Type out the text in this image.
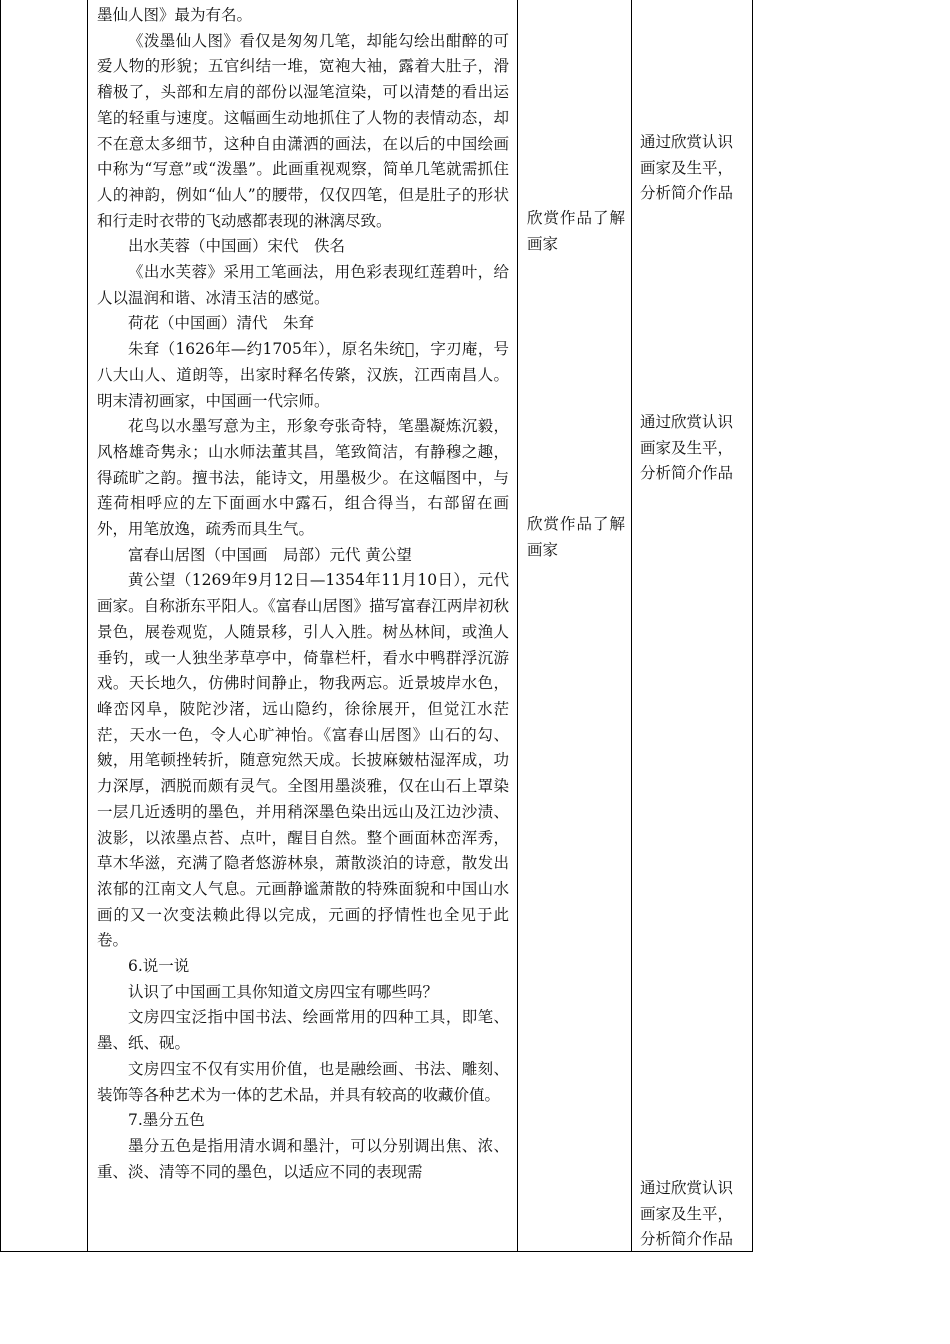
墨仙人图》最为有名。

《泼墨仙人图》看仅是匆匆几笔，却能勾绘出酣醉的可爱人物的形貌；五官纠结一堆，宽袍大袖，露着大肚子，滑稽极了，头部和左肩的部份以湿笔渲染，可以清楚的看出运笔的轻重与速度。这幅画生动地抓住了人物的表情动态，却不在意太多细节，这种自由潇洒的画法，在以后的中国绘画中称为“写意”或“泼墨”。此画重视观察，简单几笔就需抓住人的神韵，例如“仙人”的腰带，仅仅四笔，但是肚子的形状和行走时衣带的飞动感都表现的淋漓尽致。

出水芙蓉（中国画）宋代　佚名

《出水芙蓉》采用工笔画法，用色彩表现红莲碧叶，给人以温润和谐、冰清玉洁的感觉。

荷花（中国画）清代　朱耷

朱耷（1626年—约1705年），原名朱统𨨗，字刃庵，号八大山人、道朗等，出家时释名传綮，汉族，江西南昌人。明末清初画家，中国画一代宗师。

花鸟以水墨写意为主，形象夸张奇特，笔墨凝炼沉毅，风格雄奇隽永；山水师法董其昌，笔致简洁，有静穆之趣，得疏旷之韵。擅书法，能诗文，用墨极少。在这幅图中，与莲荷相呼应的左下面画水中露石，组合得当，右部留在画外，用笔放逸，疏秀而具生气。

富春山居图（中国画　局部）元代 黄公望

黄公望（1269年9月12日—1354年11月10日），元代画家。自称浙东平阳人。《富春山居图》描写富春江两岸初秋景色，展卷观览，人随景移，引人入胜。树丛林间，或渔人垂钓，或一人独坐茅草亭中，倚靠栏杆，看水中鸭群浮沉游戏。天长地久，仿佛时间静止，物我两忘。近景坡岸水色，峰峦冈阜，陂陀沙渚，远山隐约，徐徐展开，但觉江水茫茫，天水一色，令人心旷神怡。《富春山居图》山石的勾、皴，用笔顿挫转折，随意宛然天成。长披麻皴枯湿浑成，功力深厚，洒脱而颇有灵气。全图用墨淡雅，仅在山石上罩染一层几近透明的墨色，并用稍深墨色染出远山及江边沙渍、波影，以浓墨点苔、点叶，醒目自然。整个画面林峦浑秀，草木华滋，充满了隐者悠游林泉，萧散淡泊的诗意，散发出浓郁的江南文人气息。元画静谧萧散的特殊面貌和中国山水画的又一次变法赖此得以完成，元画的抒情性也全见于此卷。

6.说一说

认识了中国画工具你知道文房四宝有哪些吗？

文房四宝泛指中国书法、绘画常用的四种工具，即笔、墨、纸、砚。

文房四宝不仅有实用价值，也是融绘画、书法、雕刻、装饰等各种艺术为一体的艺术品，并具有较高的收藏价值。

7.墨分五色

墨分五色是指用清水调和墨汁，可以分别调出焦、浓、重、淡、清等不同的墨色，以适应不同的表现需

欣赏作品了解画家

欣赏作品了解画家

通过欣赏认识画家及生平，分析简介作品

通过欣赏认识画家及生平，分析简介作品

通过欣赏认识画家及生平，分析简介作品
